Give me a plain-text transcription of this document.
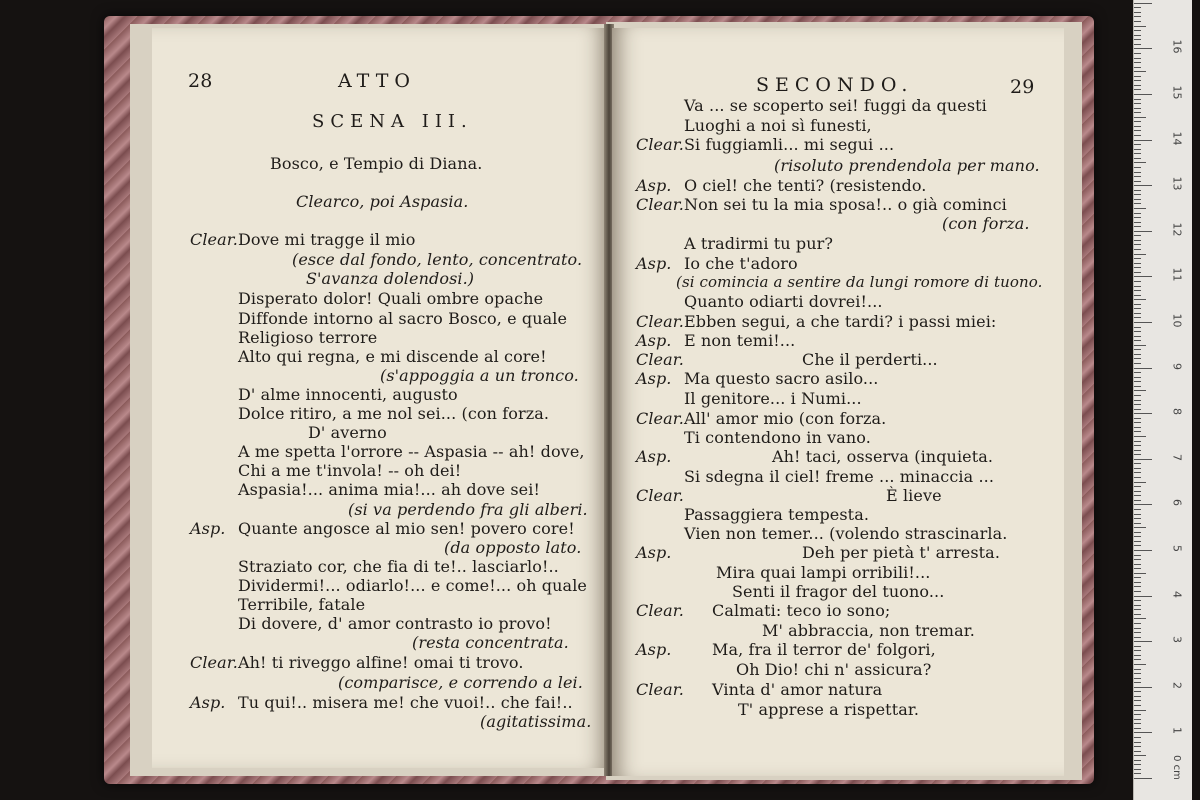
28	ATTO
SCENA III.
Bosco, e Tempio di Diana.
Clearco, poi Aspasia.
Clear. Dove mi tragge il mio
(esce dal fondo, lento, concentrato.
S'avanza dolendosi.)
Disperato dolor! Quali ombre opache
Diffonde intorno al sacro Bosco, e quale
Religioso terrore
Alto qui regna, e mi discende al core!
(s'appoggia a un tronco.
D' alme innocenti, augusto
Dolce ritiro, a me nol sei... (con forza.
D' averno
A me spetta l'orrore -- Aspasia -- ah! dove,
Chi a me t'invola! -- oh dei!
Aspasia!... anima mia!... ah dove sei!
(si va perdendo fra gli alberi.
Asp. Quante angosce al mio sen! povero core!
(da opposto lato.
Straziato cor, che fia di te!.. lasciarlo!..
Dividermi!... odiarlo!... e come!... oh quale
Terribile, fatale
Di dovere, d' amor contrasto io provo!
(resta concentrata.
Clear. Ah! ti riveggo alfine! omai ti trovo.
(comparisce, e correndo a lei.
Asp. Tu qui!.. misera me! che vuoi!.. che fai!..
(agitatissima.
SECONDO.	29
Va ... se scoperto sei! fuggi da questi
Luoghi a noi sì funesti,
Clear. Si fuggiamli... mi segui ...
(risoluto prendendola per mano.
Asp. O ciel! che tenti? (resistendo.
Clear. Non sei tu la mia sposa!.. o già cominci
(con forza.
A tradirmi tu pur?
Asp. Io che t'adoro
(si comincia a sentire da lungi romore di tuono.
Quanto odiarti dovrei!...
Clear. Ebben segui, a che tardi? i passi miei:
Asp. E non temi!...
Clear.	Che il perderti...
Asp. Ma questo sacro asilo...
Il genitore... i Numi...
Clear. All' amor mio (con forza.
Ti contendono in vano.
Asp.	Ah! taci, osserva (inquieta.
Si sdegna il ciel! freme ... minaccia ...
Clear.	È lieve
Passaggiera tempesta.
Vien non temer... (volendo strascinarla.
Asp.	Deh per pietà t' arresta.
Mira quai lampi orribili!...
Senti il fragor del tuono...
Clear. Calmati: teco io sono;
M' abbraccia, non tremar.
Asp.	Ma, fra il terror de' folgori,
Oh Dio! chi n' assicura?
Clear. Vinta d' amor natura
T' apprese a rispettar.
1
2
3
4
5
6
7
8
9
10
11
12
13
14
15
16
0 cm
